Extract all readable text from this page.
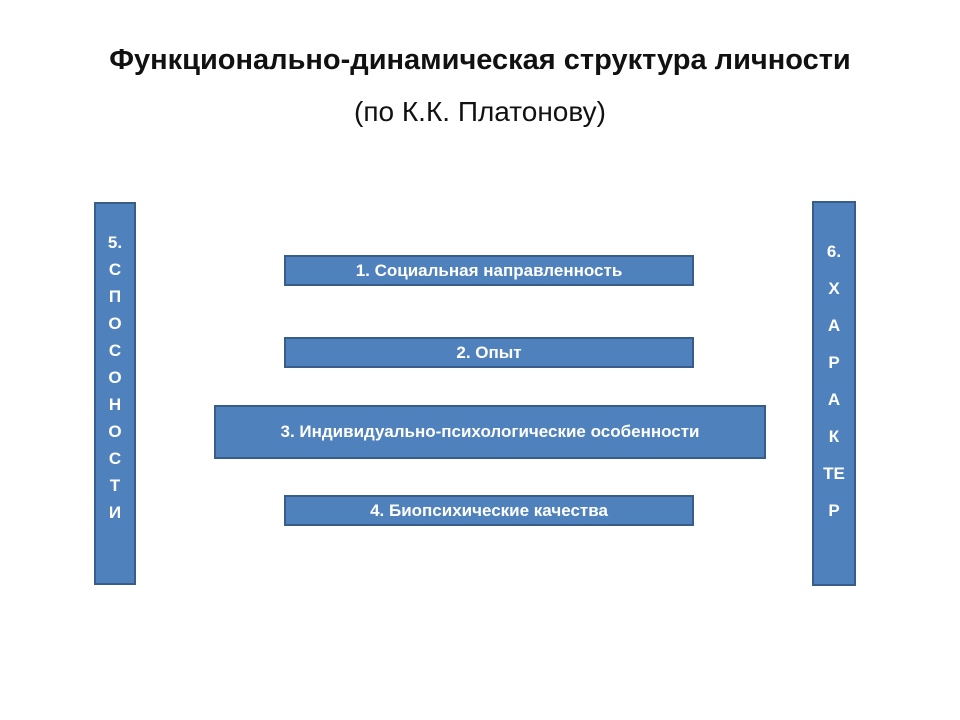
Функционально-динамическая структура личности
(по К.К. Платонову)
1. Социальная направленность
2. Опыт
3. Индивидуально-психологические особенности
4. Биопсихические качества
5.
С
П
О
С
О
Н
О
С
Т
И
6.
Х
А
Р
А
К
ТЕ
Р
